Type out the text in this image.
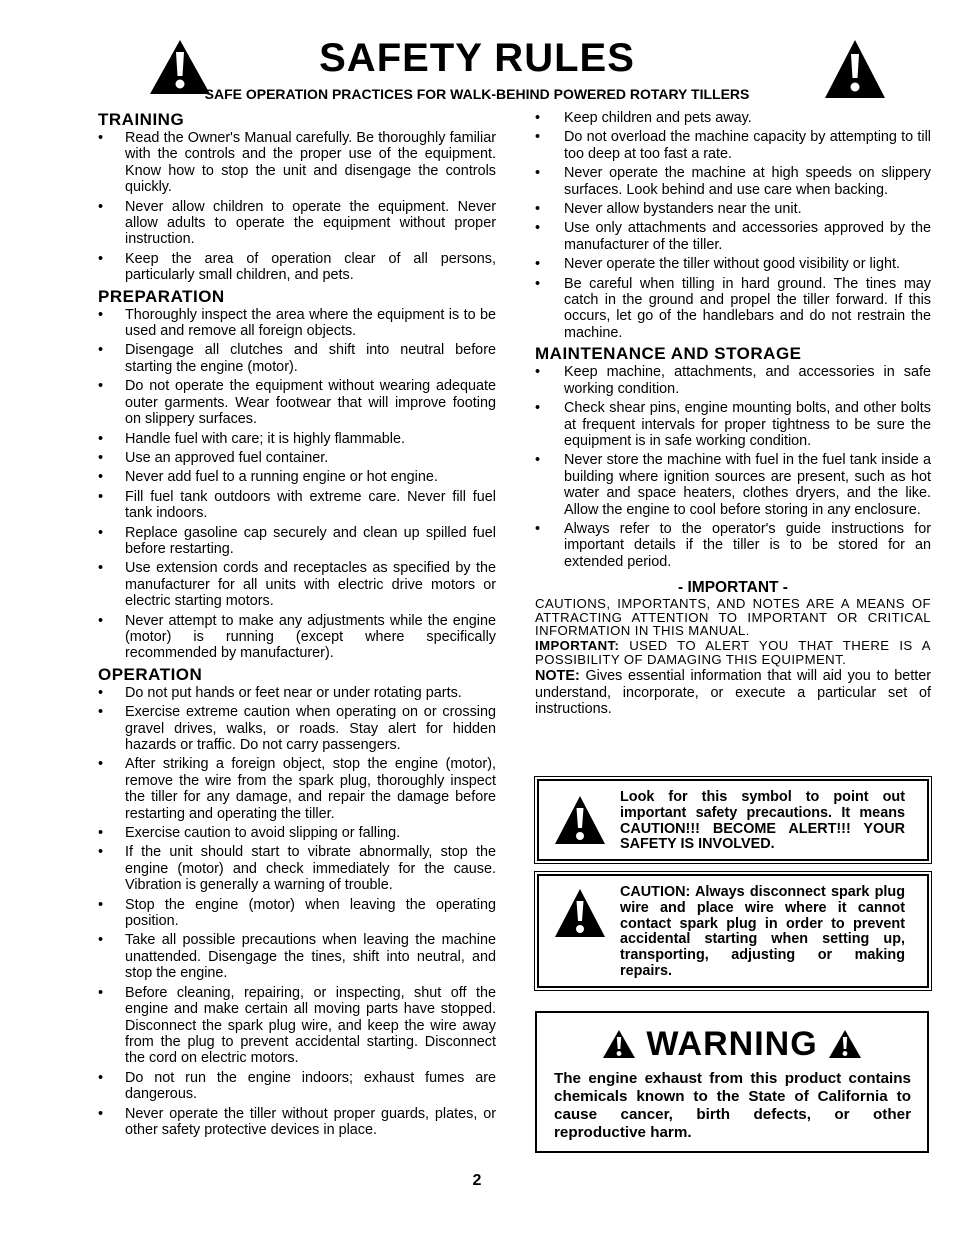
SAFETY RULES
SAFE OPERATION PRACTICES FOR WALK-BEHIND POWERED ROTARY TILLERS
TRAINING
• Read the Owner's Manual carefully. Be thoroughly familiar with the controls and the proper use of the equipment. Know how to stop the unit and disengage the controls quickly.
• Never allow children to operate the equipment. Never allow adults to operate the equipment without proper instruction.
• Keep the area of operation clear of all persons, particularly small children, and pets.
PREPARATION
• Thoroughly inspect the area where the equipment is to be used and remove all foreign objects.
• Disengage all clutches and shift into neutral before starting the engine (motor).
• Do not operate the equipment without wearing adequate outer garments. Wear footwear that will improve footing on slippery surfaces.
• Handle fuel with care; it is highly flammable.
• Use an approved fuel container.
• Never add fuel to a running engine or hot engine.
• Fill fuel tank outdoors with extreme care. Never fill fuel tank indoors.
• Replace gasoline cap securely and clean up spilled fuel before restarting.
• Use extension cords and receptacles as specified by the manufacturer for all units with electric drive motors or electric starting motors.
• Never attempt to make any adjustments while the engine (motor) is running (except where specifically recommended by manufacturer).
OPERATION
• Do not put hands or feet near or under rotating parts.
• Exercise extreme caution when operating on or crossing gravel drives, walks, or roads. Stay alert for hidden hazards or traffic. Do not carry passengers.
• After striking a foreign object, stop the engine (motor), remove the wire from the spark plug, thoroughly inspect the tiller for any damage, and repair the damage before restarting and operating the tiller.
• Exercise caution to avoid slipping or falling.
• If the unit should start to vibrate abnormally, stop the engine (motor) and check immediately for the cause. Vibration is generally a warning of trouble.
• Stop the engine (motor) when leaving the operating position.
• Take all possible precautions when leaving the machine unattended. Disengage the tines, shift into neutral, and stop the engine.
• Before cleaning, repairing, or inspecting, shut off the engine and make certain all moving parts have stopped. Disconnect the spark plug wire, and keep the wire away from the plug to prevent accidental starting. Disconnect the cord on electric motors.
• Do not run the engine indoors; exhaust fumes are dangerous.
• Never operate the tiller without proper guards, plates, or other safety protective devices in place.
• Keep children and pets away.
• Do not overload the machine capacity by attempting to till too deep at too fast a rate.
• Never operate the machine at high speeds on slippery surfaces. Look behind and use care when backing.
• Never allow bystanders near the unit.
• Use only attachments and accessories approved by the manufacturer of the tiller.
• Never operate the tiller without good visibility or light.
• Be careful when tilling in hard ground. The tines may catch in the ground and propel the tiller forward. If this occurs, let go of the handlebars and do not restrain the machine.
MAINTENANCE AND STORAGE
• Keep machine, attachments, and accessories in safe working condition.
• Check shear pins, engine mounting bolts, and other bolts at frequent intervals for proper tightness to be sure the equipment is in safe working condition.
• Never store the machine with fuel in the fuel tank inside a building where ignition sources are present, such as hot water and space heaters, clothes dryers, and the like. Allow the engine to cool before storing in any enclosure.
• Always refer to the operator's guide instructions for important details if the tiller is to be stored for an extended period.
- IMPORTANT -

CAUTIONS, IMPORTANTS, AND NOTES ARE A MEANS OF ATTRACTING ATTENTION TO IMPORTANT OR CRITICAL INFORMATION IN THIS MANUAL.

IMPORTANT: USED TO ALERT YOU THAT THERE IS A POSSIBILITY OF DAMAGING THIS EQUIPMENT.

NOTE: Gives essential information that will aid you to better understand, incorporate, or execute a particular set of instructions.

Look for this symbol to point out important safety precautions. It means CAUTION!!! BECOME ALERT!!! YOUR SAFETY IS INVOLVED.
CAUTION: Always disconnect spark plug wire and place wire where it cannot contact spark plug in order to prevent accidental starting when setting up, transporting, adjusting or making repairs.
WARNING
The engine exhaust from this product contains chemicals known to the State of California to cause cancer, birth defects, or other reproductive harm.
2
